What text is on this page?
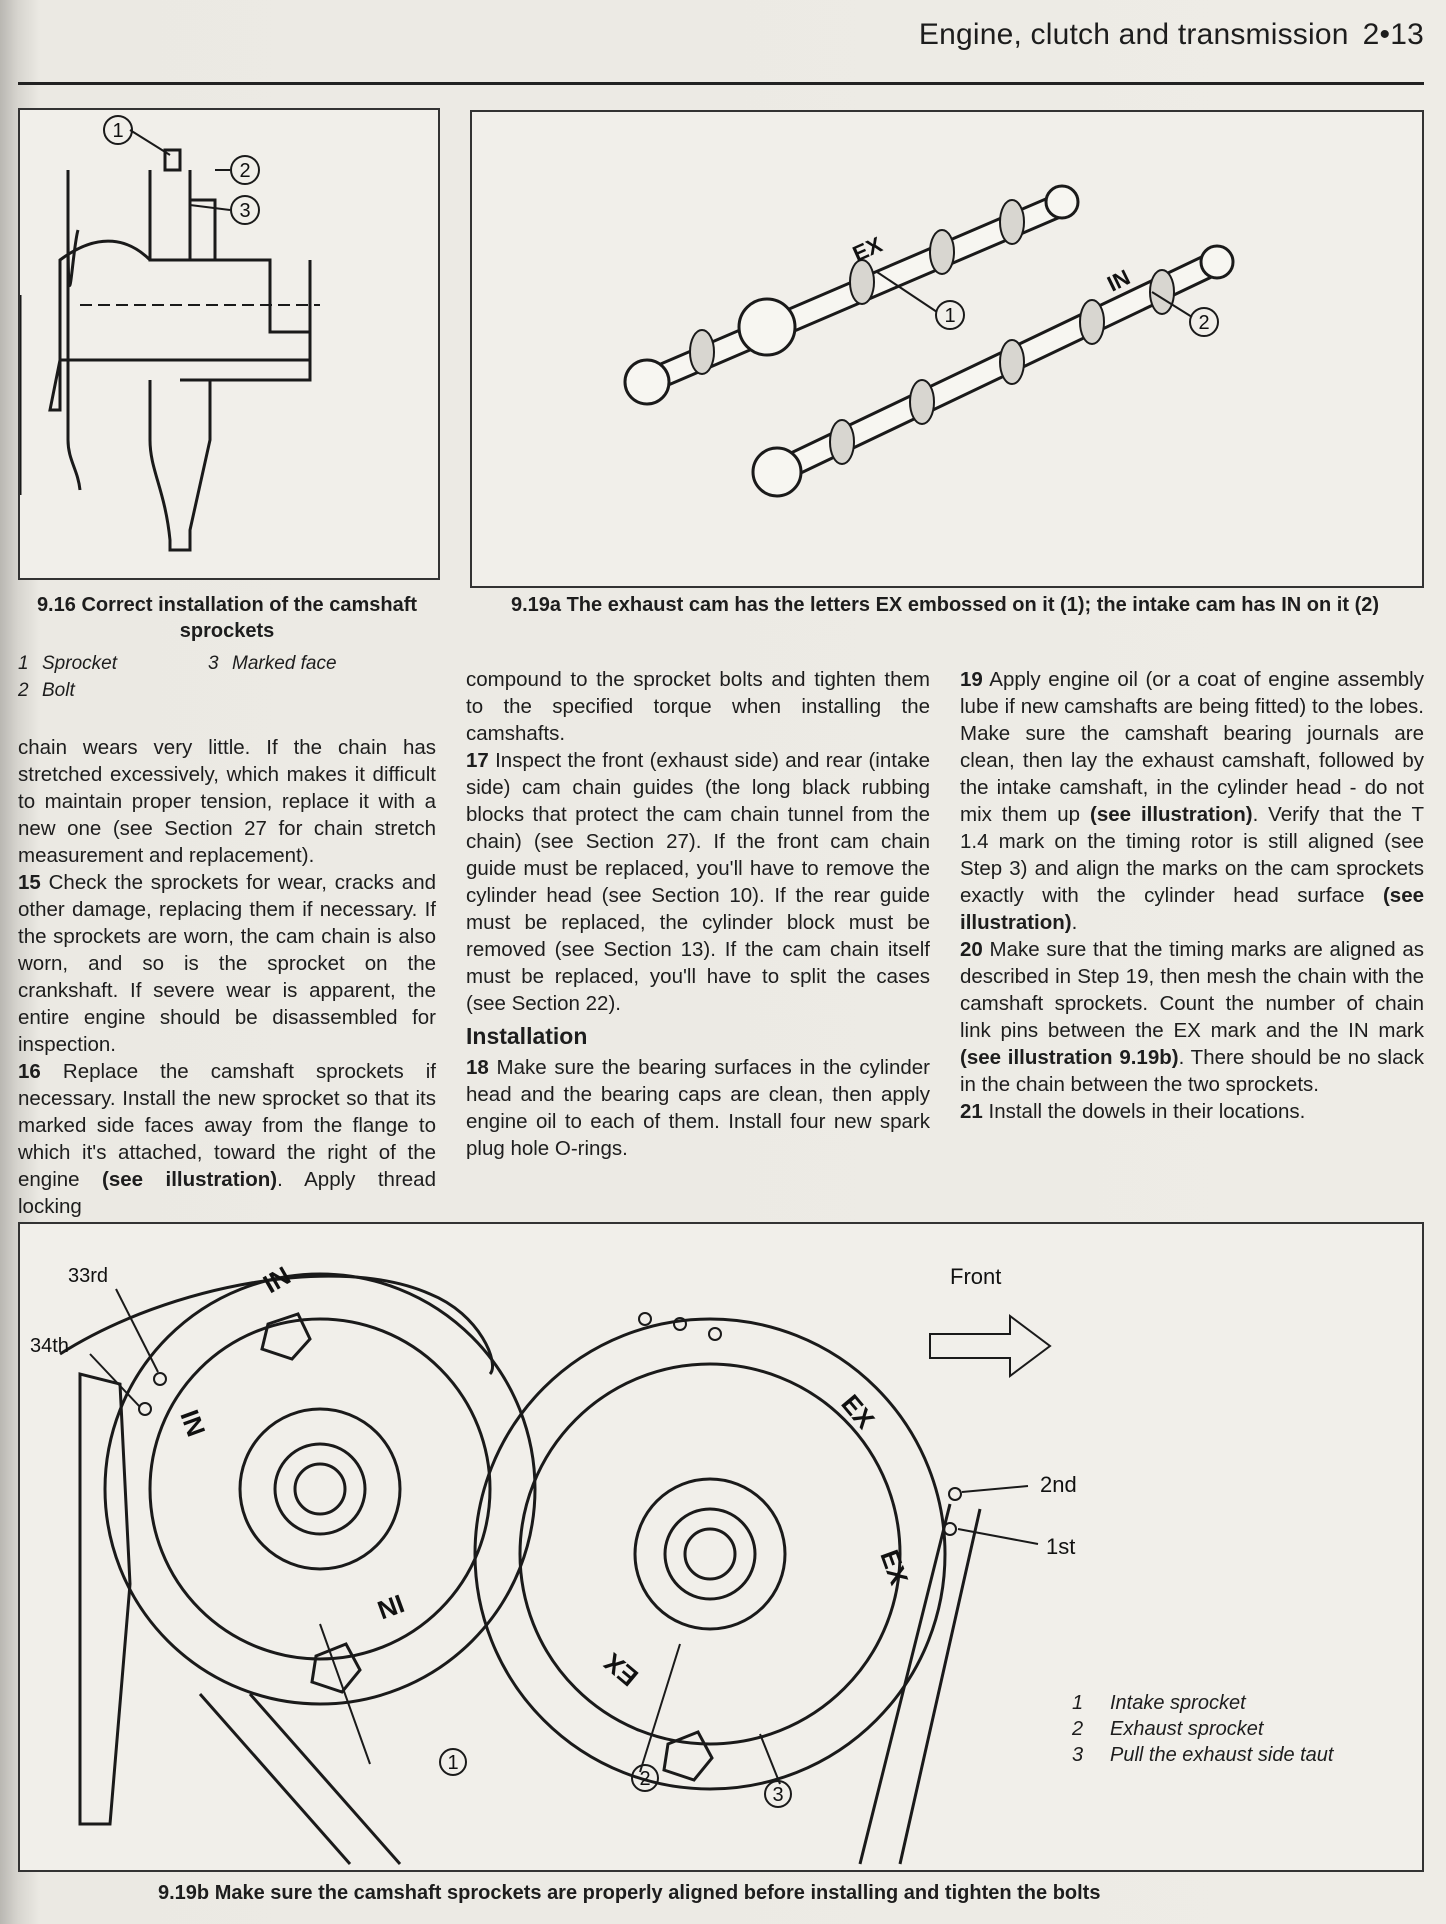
Engine, clutch and transmission 2•13
1
2
3
9.16 Correct installation of the camshaft sprockets
1 Sprocket
2 Bolt
3 Marked face
EX
IN
1	2
9.19a The exhaust cam has the letters EX embossed on it (1); the intake cam has IN on it (2)

chain wears very little. If the chain has stretched excessively, which makes it difficult to maintain proper tension, replace it with a new one (see Section 27 for chain stretch measurement and replacement).

15 Check the sprockets for wear, cracks and other damage, replacing them if necessary. If the sprockets are worn, the cam chain is also worn, and so is the sprocket on the crankshaft. If severe wear is apparent, the entire engine should be disassembled for inspection.

16 Replace the camshaft sprockets if necessary. Install the new sprocket so that its marked side faces away from the flange to which it's attached, toward the right of the engine (see illustration). Apply thread locking

compound to the sprocket bolts and tighten them to the specified torque when installing the camshafts.

17 Inspect the front (exhaust side) and rear (intake side) cam chain guides (the long black rubbing blocks that protect the cam chain tunnel from the chain) (see Section 27). If the front cam chain guide must be replaced, you'll have to remove the cylinder head (see Section 10). If the rear guide must be replaced, the cylinder block must be removed (see Section 13). If the cam chain itself must be replaced, you'll have to split the cases (see Section 22).

Installation

18 Make sure the bearing surfaces in the cylinder head and the bearing caps are clean, then apply engine oil to each of them. Install four new spark plug hole O-rings.

19 Apply engine oil (or a coat of engine assembly lube if new camshafts are being fitted) to the lobes. Make sure the camshaft bearing journals are clean, then lay the exhaust camshaft, followed by the intake camshaft, in the cylinder head - do not mix them up (see illustration). Verify that the T 1.4 mark on the timing rotor is still aligned (see Step 3) and align the marks on the cam sprockets exactly with the cylinder head surface (see illustration).

20 Make sure that the timing marks are aligned as described in Step 19, then mesh the chain with the camshaft sprockets. Count the number of chain link pins between the EX mark and the IN mark (see illustration 9.19b). There should be no slack in the chain between the two sprockets.

21 Install the dowels in their locations.

33rd
34th
Front
2nd
1st
IN
IN
IN
EX
EX
EX
1
2
3
1 Intake sprocket
2 Exhaust sprocket
3 Pull the exhaust side taut
9.19b Make sure the camshaft sprockets are properly aligned before installing and tighten the bolts
